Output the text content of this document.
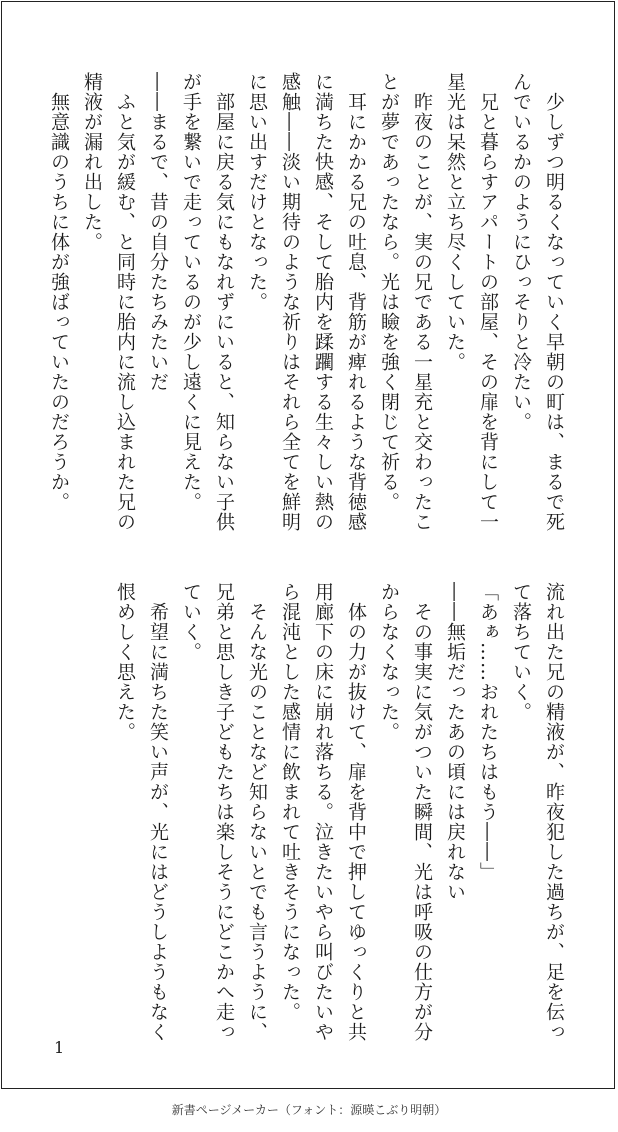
　少しずつ明るくなっていく早朝の町は、まるで死んでいるかのようにひっそりと冷たい。

　兄と暮らすアパートの部屋、その扉を背にして一星光は呆然と立ち尽くしていた。

　昨夜のことが、実の兄である一星充と交わったことが夢であったなら。光は瞼を強く閉じて祈る。

　耳にかかる兄の吐息、背筋が痺れるような背徳感に満ちた快感、そして胎内を蹂躙する生々しい熱の感触――淡い期待のような祈りはそれら全てを鮮明に思い出すだけとなった。

　部屋に戻る気にもなれずにいると、知らない子供が手を繋いで走っているのが少し遠くに見えた。

――まるで、昔の自分たちみたいだ

　ふと気が緩む、と同時に胎内に流し込まれた兄の精液が漏れ出した。

　無意識のうちに体が強ばっていたのだろうか。

流れ出た兄の精液が、昨夜犯した過ちが、足を伝って落ちていく。

「あぁ……おれたちはもう――」

――無垢だったあの頃には戻れない

　その事実に気がついた瞬間、光は呼吸の仕方が分からなくなった。

　体の力が抜けて、扉を背中で押してゆっくりと共用廊下の床に崩れ落ちる。泣きたいやら叫びたいやら混沌とした感情に飲まれて吐きそうになった。

　そんな光のことなど知らないとでも言うように、兄弟と思しき子どもたちは楽しそうにどこかへ走っていく。

　希望に満ちた笑い声が、光にはどうしようもなく恨めしく思えた。

1
新書ページメーカー（フォント：源暎こぶり明朝）
